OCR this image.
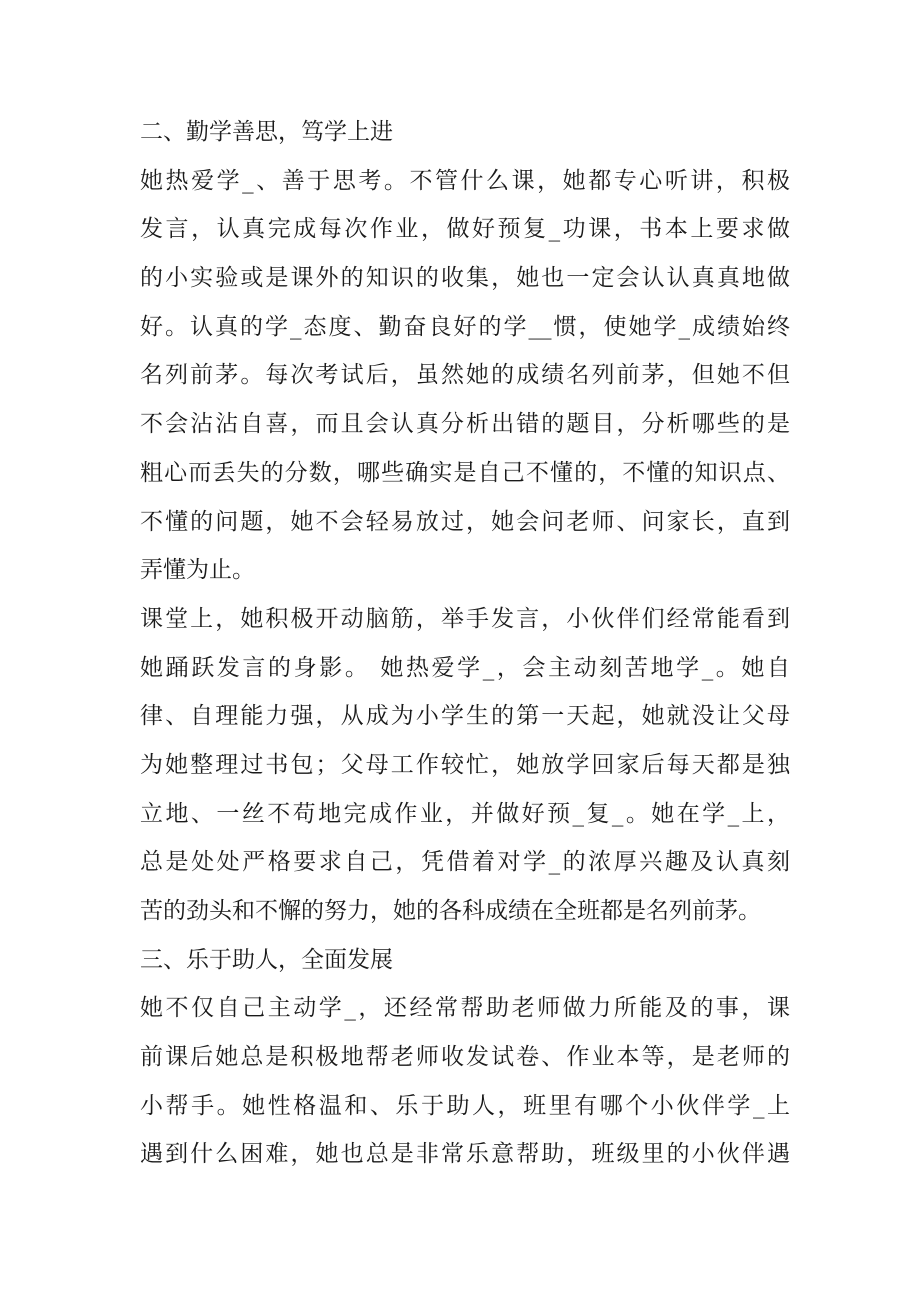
二、勤学善思，笃学上进
她热爱学_、善于思考。不管什么课，她都专心听讲，积极
发言，认真完成每次作业，做好预复_功课，书本上要求做
的小实验或是课外的知识的收集，她也一定会认认真真地做
好。认真的学_态度、勤奋良好的学__惯，使她学_成绩始终
名列前茅。每次考试后，虽然她的成绩名列前茅，但她不但
不会沾沾自喜，而且会认真分析出错的题目，分析哪些的是
粗心而丢失的分数，哪些确实是自己不懂的，不懂的知识点、
不懂的问题，她不会轻易放过，她会问老师、问家长，直到
弄懂为止。
课堂上，她积极开动脑筋，举手发言，小伙伴们经常能看到
她踊跃发言的身影。 她热爱学_，会主动刻苦地学_。她自
律、自理能力强，从成为小学生的第一天起，她就没让父母
为她整理过书包；父母工作较忙，她放学回家后每天都是独
立地、一丝不苟地完成作业，并做好预_复_。她在学_上，
总是处处严格要求自己，凭借着对学_的浓厚兴趣及认真刻
苦的劲头和不懈的努力，她的各科成绩在全班都是名列前茅。
三、乐于助人，全面发展
她不仅自己主动学_，还经常帮助老师做力所能及的事，课
前课后她总是积极地帮老师收发试卷、作业本等，是老师的
小帮手。她性格温和、乐于助人，班里有哪个小伙伴学_上
遇到什么困难，她也总是非常乐意帮助，班级里的小伙伴遇
